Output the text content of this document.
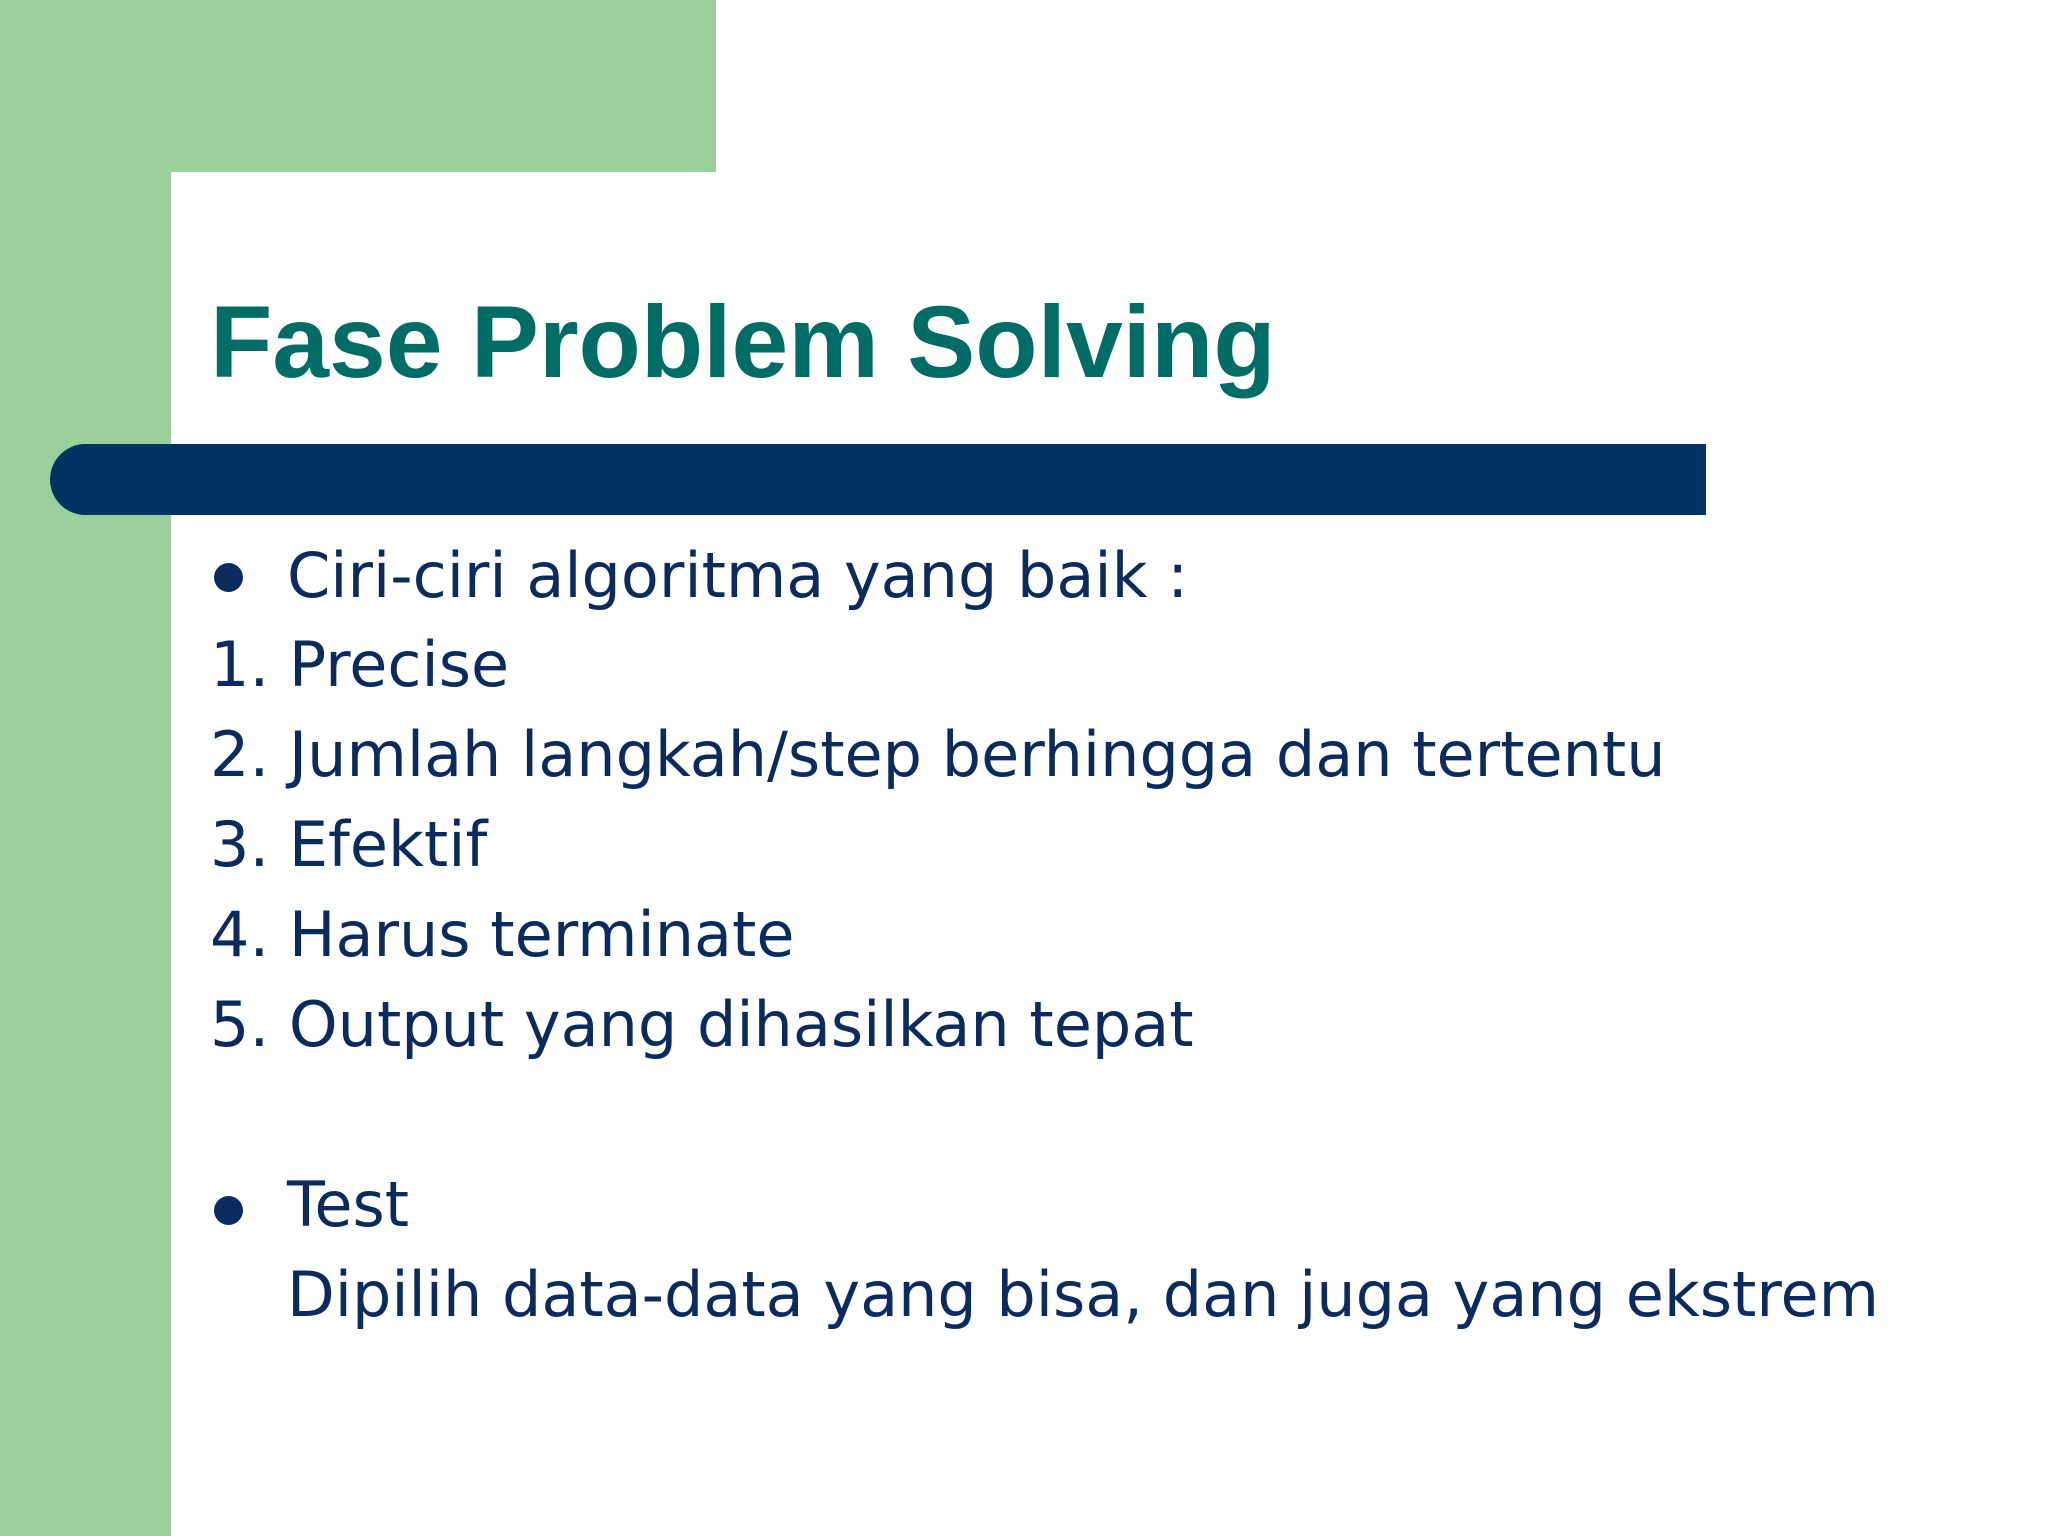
Fase Problem Solving

Ciri-ciri algoritma yang baik :

1. Precise

2. Jumlah langkah/step berhingga dan tertentu

3. Efektif

4. Harus terminate

5. Output yang dihasilkan tepat

Test

Dipilih data-data yang bisa, dan juga yang ekstrem
